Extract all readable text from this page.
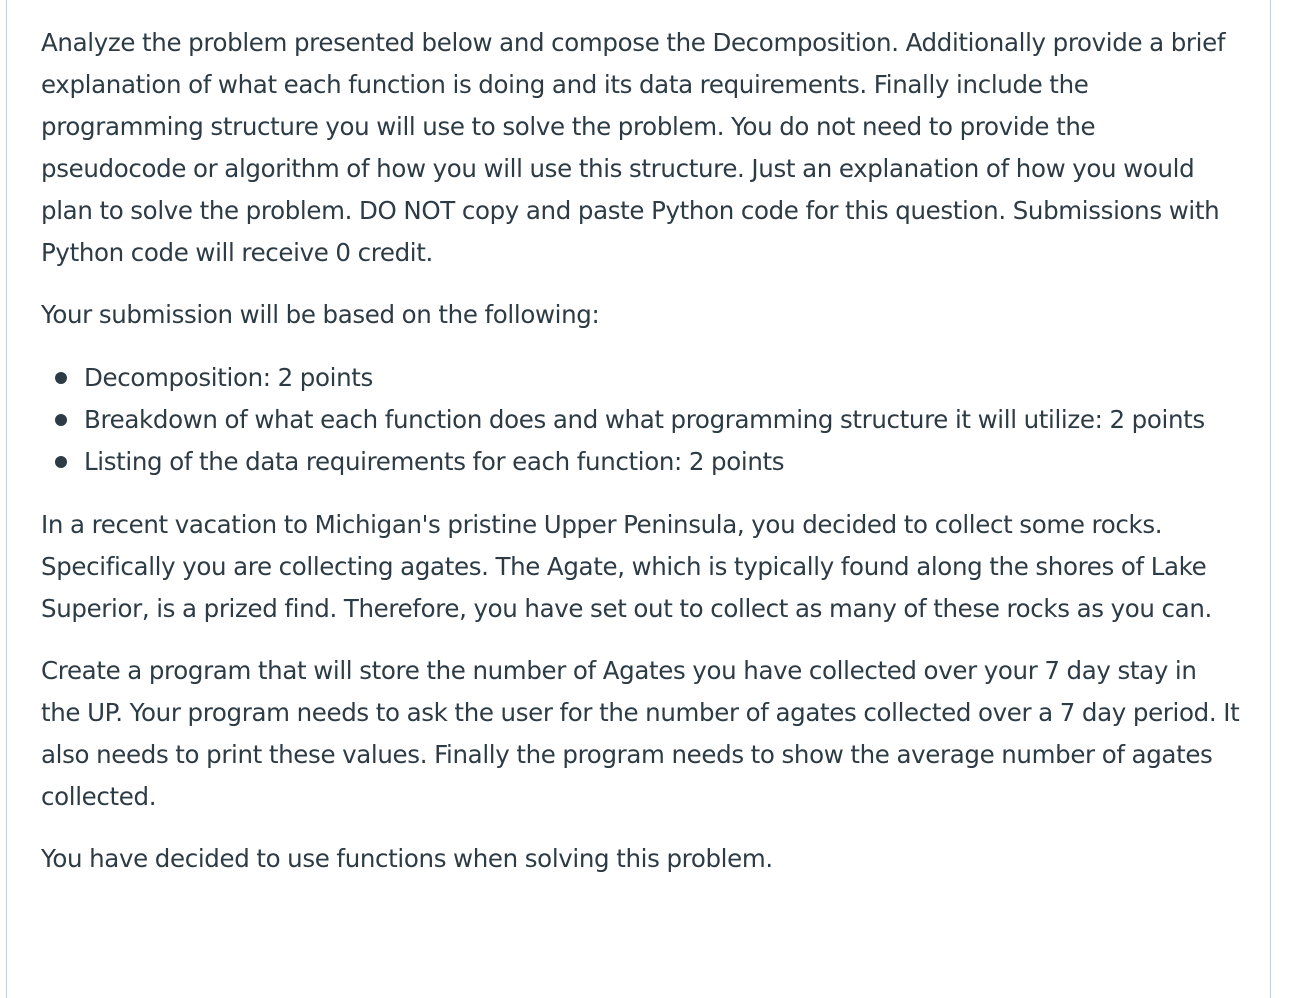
Analyze the problem presented below and compose the Decomposition. Additionally provide a brief explanation of what each function is doing and its data requirements. Finally include the programming structure you will use to solve the problem. You do not need to provide the pseudocode or algorithm of how you will use this structure. Just an explanation of how you would plan to solve the problem. DO NOT copy and paste Python code for this question. Submissions with Python code will receive 0 credit.

Your submission will be based on the following:

Decomposition: 2 points
Breakdown of what each function does and what programming structure it will utilize: 2 points
Listing of the data requirements for each function: 2 points

In a recent vacation to Michigan's pristine Upper Peninsula, you decided to collect some rocks. Specifically you are collecting agates. The Agate, which is typically found along the shores of Lake Superior, is a prized find. Therefore, you have set out to collect as many of these rocks as you can.

Create a program that will store the number of Agates you have collected over your 7 day stay in the UP. Your program needs to ask the user for the number of agates collected over a 7 day period. It also needs to print these values. Finally the program needs to show the average number of agates collected.

You have decided to use functions when solving this problem.
